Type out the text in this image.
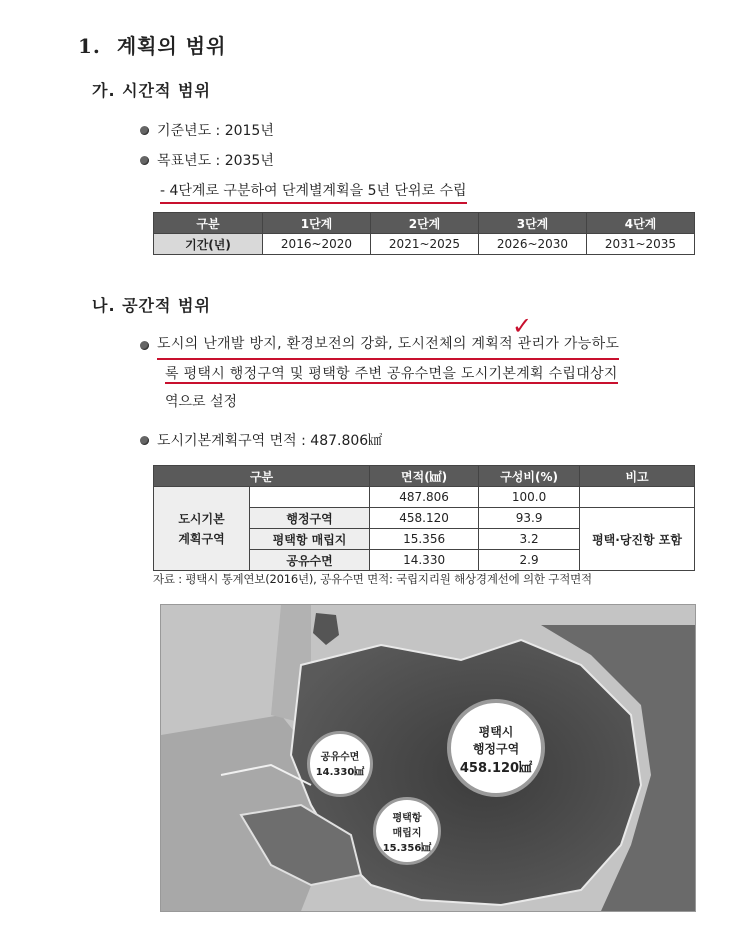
1. 계획의 범위
가. 시간적 범위
기준년도 : 2015년
목표년도 : 2035년
- 4단계로 구분하여 단계별계획을 5년 단위로 수립
구분	1단계	2단계	3단계	4단계
기간(년)	2016~2020	2021~2025	2026~2030	2031~2035
나. 공간적 범위
도시의 난개발 방지, 환경보전의 강화, 도시전체의 계획적 관리가 가능하도
록 평택시 행정구역 및 평택항 주변 공유수면을 도시기본계획 수립대상지
역으로 설정
✓
도시기본계획구역 면적 : 487.806㎢
구분		면적(㎢)	구성비(%)	비고

도시기본
계획구역		487.806	100.0	
	행정구역	458.120	93.9	평택·당진항 포함
	평택항 매립지	15.356	3.2	
	공유수면	14.330	2.9	
자료 : 평택시 통계연보(2016년), 공유수면 면적: 국립지리원 해상경계선에 의한 구적면적
평택시
행정구역
458.120㎢
공유수면
14.330㎢
평택항
매립지
15.356㎢
